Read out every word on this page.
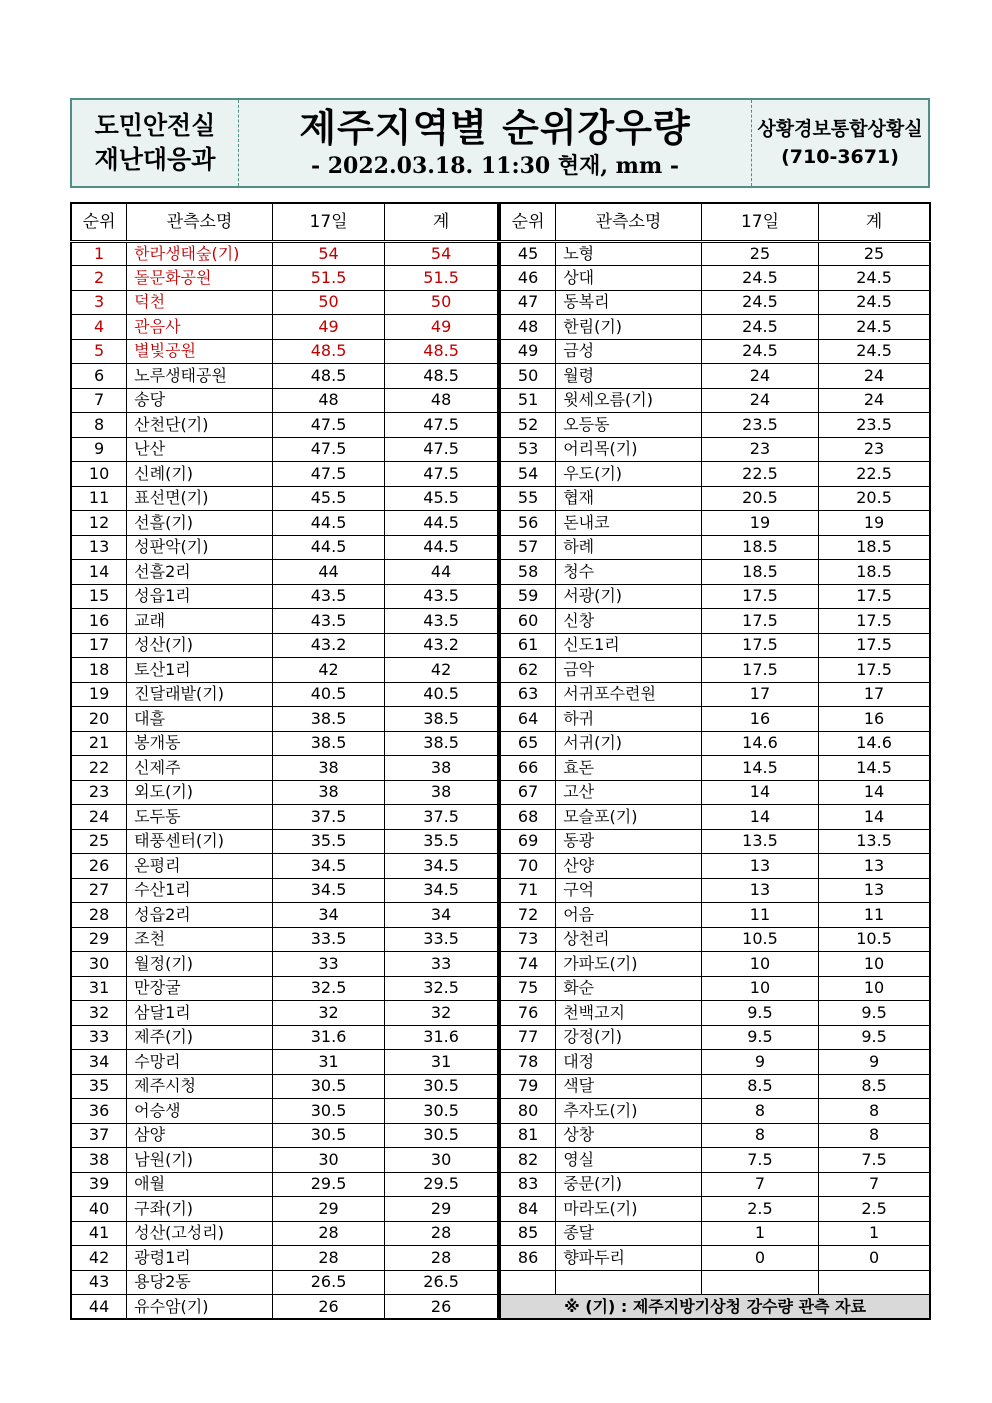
도민안전실
재난대응과
제주지역별 순위강우량
- 2022.03.18. 11:30 현재, mm -
상황경보통합상황실
(710-3671)
순위	관측소명	17일	계
1	한라생태숲(기)	54	54
2	돌문화공원	51.5	51.5
3	덕천	50	50
4	관음사	49	49
5	별빛공원	48.5	48.5
6	노루생태공원	48.5	48.5
7	송당	48	48
8	산천단(기)	47.5	47.5
9	난산	47.5	47.5
10	신례(기)	47.5	47.5
11	표선면(기)	45.5	45.5
12	선흘(기)	44.5	44.5
13	성판악(기)	44.5	44.5
14	선흘2리	44	44
15	성읍1리	43.5	43.5
16	교래	43.5	43.5
17	성산(기)	43.2	43.2
18	토산1리	42	42
19	진달래밭(기)	40.5	40.5
20	대흘	38.5	38.5
21	봉개동	38.5	38.5
22	신제주	38	38
23	외도(기)	38	38
24	도두동	37.5	37.5
25	태풍센터(기)	35.5	35.5
26	온평리	34.5	34.5
27	수산1리	34.5	34.5
28	성읍2리	34	34
29	조천	33.5	33.5
30	월정(기)	33	33
31	만장굴	32.5	32.5
32	삼달1리	32	32
33	제주(기)	31.6	31.6
34	수망리	31	31
35	제주시청	30.5	30.5
36	어승생	30.5	30.5
37	삼양	30.5	30.5
38	남원(기)	30	30
39	애월	29.5	29.5
40	구좌(기)	29	29
41	성산(고성리)	28	28
42	광령1리	28	28
43	용당2동	26.5	26.5
44	유수암(기)	26	26
순위	관측소명	17일	계
45	노형	25	25
46	상대	24.5	24.5
47	동복리	24.5	24.5
48	한림(기)	24.5	24.5
49	금성	24.5	24.5
50	월령	24	24
51	윗세오름(기)	24	24
52	오등동	23.5	23.5
53	어리목(기)	23	23
54	우도(기)	22.5	22.5
55	협재	20.5	20.5
56	돈내코	19	19
57	하례	18.5	18.5
58	청수	18.5	18.5
59	서광(기)	17.5	17.5
60	신창	17.5	17.5
61	신도1리	17.5	17.5
62	금악	17.5	17.5
63	서귀포수련원	17	17
64	하귀	16	16
65	서귀(기)	14.6	14.6
66	효돈	14.5	14.5
67	고산	14	14
68	모슬포(기)	14	14
69	동광	13.5	13.5
70	산양	13	13
71	구억	13	13
72	어음	11	11
73	상천리	10.5	10.5
74	가파도(기)	10	10
75	화순	10	10
76	천백고지	9.5	9.5
77	강정(기)	9.5	9.5
78	대정	9	9
79	색달	8.5	8.5
80	추자도(기)	8	8
81	상창	8	8
82	영실	7.5	7.5
83	중문(기)	7	7
84	마라도(기)	2.5	2.5
85	종달	1	1
86	향파두리	0	0

※ (기) : 제주지방기상청 강수량 관측 자료			
